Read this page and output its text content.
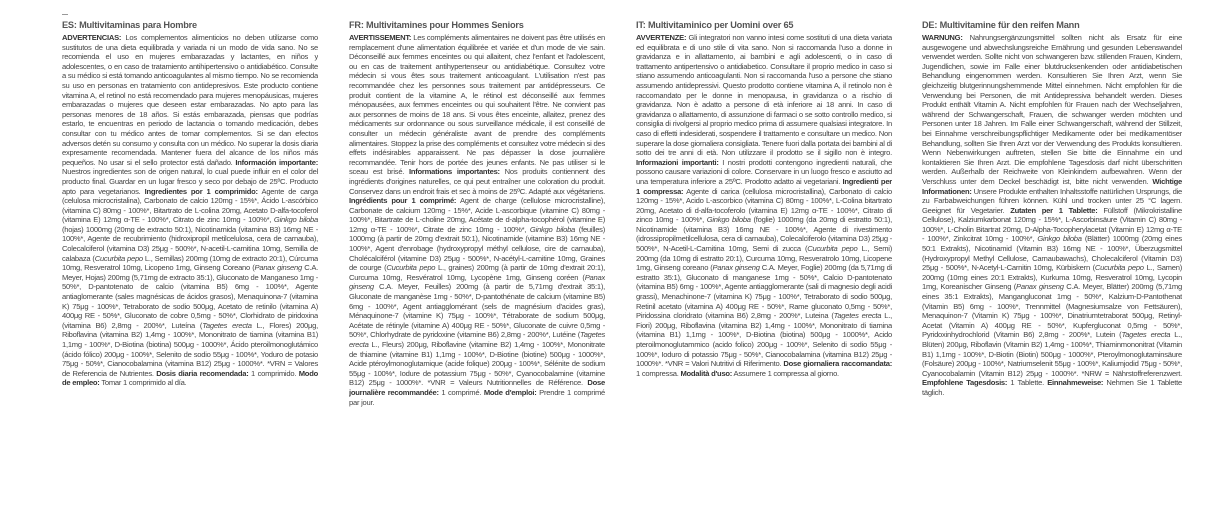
ES: Multivitaminas para Hombre

ADVERTENCIAS: Los complementos alimenticios no deben utilizarse como sustitutos de una dieta equilibrada y variada ni un modo de vida sano. No se recomienda el uso en mujeres embarazadas y lactantes, en niños y adolescentes, o en caso de tratamiento antihipertensivo o antidiabético. Consulte a su médico si está tomando anticoagulantes al mismo tiempo. No se recomienda su uso en personas en tratamiento con antidepresivos. Este producto contiene vitamina A, el retinol no está recomendado para mujeres menopáusicas, mujeres embarazadas o mujeres que deseen estar embarazadas. No apto para las personas menores de 18 años. Si estás embarazada, piensas que podrías estarlo, te encuentras en periodo de lactancia o tomando medicación, debes consultar con tu médico antes de tomar complementos. Si se dan efectos adversos detén su consumo y consulta con un médico. No superar la dosis diaria expresamente recomendada. Mantener fuera del alcance de los niños más pequeños. No usar si el sello protector está dañado. Información importante: Nuestros ingredientes son de origen natural, lo cual puede influir en el color del producto final. Guardar en un lugar fresco y seco por debajo de 25ºC. Producto apto para vegetarianos. Ingredientes por 1 comprimido: Agente de carga (celulosa microcristalina), Carbonato de calcio 120mg - 15%*, Ácido L-ascórbico (vitamina C) 80mg - 100%*, Bitartrato de L-colina 20mg, Acetato D-alfa-tocoferol (vitamina E) 12mg α-TE - 100%*, Citrato de zinc 10mg - 100%*, Ginkgo biloba (hojas) 1000mg (20mg de extracto 50:1), Nicotinamida (vitamina B3) 16mg NE - 100%*, Agente de recubrimiento (hidroxipropil metilcelulosa, cera de carnauba), Colecalciferol (vitamina D3) 25μg - 500%*, N-acetil-L-carnitina 10mg, Semilla de calabaza (Cucurbita pepo L., Semillas) 200mg (10mg de extracto 20:1), Cúrcuma 10mg, Resveratrol 10mg, Licopeno 1mg, Ginseng Coreano (Panax ginseng C.A. Meyer, Hojas) 200mg (5,71mg de extracto 35:1), Gluconato de Manganeso 1mg - 50%*, D-pantotenato de calcio (vitamina B5) 6mg - 100%*, Agente antiaglomerante (sales magnésicas de ácidos grasos), Menaquinona-7 (vitamina K) 75μg - 100%*, Tetraborato de sodio 500μg, Acetato de retinilo (vitamina A) 400μg RE - 50%*, Gluconato de cobre 0,5mg - 50%*, Clorhidrato de piridoxina (vitamina B6) 2,8mg - 200%*, Luteína (Tagetes erecta L., Flores) 200μg, Riboflavina (vitamina B2) 1,4mg - 100%*, Mononitrato de tiamina (vitamina B1) 1,1mg - 100%*, D-Biotina (biotina) 500μg - 1000%*, Ácido pteroilmonoglutámico (ácido fólico) 200μg - 100%*, Selenito de sodio 55μg - 100%*, Yoduro de potasio 75μg - 50%*, Cianocobalamina (vitamina B12) 25μg - 1000%*. *VRN = Valores de Referencia de Nutrientes. Dosis diaria recomendada: 1 comprimido. Modo de empleo: Tomar 1 comprimido al día.

FR: Multivitamines pour Hommes Seniors

AVERTISSEMENT: Les compléments alimentaires ne doivent pas être utilisés en remplacement d'une alimentation équilibrée et variée et d'un mode de vie sain. Déconseillé aux femmes enceintes ou qui allaitent, chez l'enfant et l'adolescent, ou en cas de traitement antihypertenseur ou antidiabétique. Consultez votre médecin si vous êtes sous traitement anticoagulant. L'utilisation n'est pas recommandée chez les personnes sous traitement par antidépresseurs. Ce produit contient de la vitamine A, le rétinol est déconseillé aux femmes ménopausées, aux femmes enceintes ou qui souhaitent l'être. Ne convient pas aux personnes de moins de 18 ans. Si vous êtes enceinte, allaitez, prenez des médicaments sur ordonnance ou sous surveillance médicale, il est conseillé de consulter un médecin généraliste avant de prendre des compléments alimentaires. Stoppez la prise des compléments et consultez votre médecin si des effets indésirables apparaissent. Ne pas dépasser la dose journalière recommandée. Tenir hors de portée des jeunes enfants. Ne pas utiliser si le sceau est brisé. Informations importantes: Nos produits contiennent des ingrédients d'origines naturelles, ce qui peut entraîner une coloration du produit. Conservez dans un endroit frais et sec à moins de 25ºC. Adapté aux végétariens. Ingrédients pour 1 comprimé: Agent de charge (cellulose microcristalline), Carbonate de calcium 120mg - 15%*, Acide L-ascorbique (vitamine C) 80mg - 100%*, Bitartrate de L-choline 20mg, Acétate de d-alpha-tocophérol (vitamine E) 12mg α-TE - 100%*, Citrate de zinc 10mg - 100%*, Ginkgo biloba (feuilles) 1000mg (à partir de 20mg d'extrait 50:1), Nicotinamide (vitamine B3) 16mg NE - 100%*, Agent d'enrobage (hydroxypropyl méthyl cellulose, cire de carnauba), Cholécalciférol (vitamine D3) 25μg - 500%*, N-acétyl-L-carnitine 10mg, Graines de courge (Cucurbita pepo L., graines) 200mg (à partir de 10mg d'extrait 20:1), Curcuma 10mg, Resvératrol 10mg, Lycopène 1mg, Ginseng coréen (Panax ginseng C.A. Meyer, Feuilles) 200mg (à partir de 5,71mg d'extrait 35:1), Gluconate de manganèse 1mg - 50%*, D-pantothénate de calcium (vitamine B5) 6mg - 100%*, Agent antiagglomérant (sels de magnésium d'acides gras), Ménaquinone-7 (vitamine K) 75μg - 100%*, Tétraborate de sodium 500μg, Acétate de rétinyle (vitamine A) 400μg RE - 50%*, Gluconate de cuivre 0,5mg - 50%*, Chlorhydrate de pyridoxine (vitamine B6) 2,8mg - 200%*, Lutéine (Tagetes erecta L., Fleurs) 200μg, Riboflavine (vitamine B2) 1,4mg - 100%*, Mononitrate de thiamine (vitamine B1) 1,1mg - 100%*, D-Biotine (biotine) 500μg - 1000%*, Acide ptéroylmonoglutamique (acide folique) 200μg - 100%*, Sélénite de sodium 55μg - 100%*, Iodure de potassium 75μg - 50%*, Cyanocobalamine (vitamine B12) 25μg - 1000%*. *VNR = Valeurs Nutritionnelles de Référence. Dose journalière recommandée: 1 comprimé. Mode d'emploi: Prendre 1 comprimé par jour.

IT: Multivitaminico per Uomini over 65

AVVERTENZE: Gli integratori non vanno intesi come sostituti di una dieta variata ed equilibrata e di uno stile di vita sano. Non si raccomanda l'uso a donne in gravidanza e in allattamento, ai bambini e agli adolescenti, o in caso di trattamento antipertensivo o antidiabetico. Consultare il proprio medico in caso si stiano assumendo anticoagulanti. Non si raccomanda l'uso a persone che stiano assumendo antidepressivi. Questo prodotto contiene vitamina A, il retinolo non è raccomandato per le donne in menopausa, in gravidanza o a rischio di gravidanza. Non è adatto a persone di età inferiore ai 18 anni. In caso di gravidanza o allattamento, di assunzione di farmaci o se sotto controllo medico, si consiglia di rivolgersi al proprio medico prima di assumere qualsiasi integratore. In caso di effetti indesiderati, sospendere il trattamento e consultare un medico. Non superare la dose giornaliera consigliata. Tenere fuori dalla portata dei bambini al di sotto dei tre anni di età. Non utilizzare il prodotto se il sigillo non è integro. Informazioni importanti: I nostri prodotti contengono ingredienti naturali, che possono causare variazioni di colore. Conservare in un luogo fresco e asciutto ad una temperatura inferiore a 25ºC. Prodotto adatto ai vegetariani. Ingredienti per 1 compressa: Agente di carica (cellulosa microcristallina), Carbonato di calcio 120mg - 15%*, Acido L-ascorbico (vitamina C) 80mg - 100%*, L-Colina bitartrato 20mg, Acetato di d-alfa-tocoferolo (vitamina E) 12mg α-TE - 100%*, Citrato di zinco 10mg - 100%*, Ginkgo biloba (foglie) 1000mg (da 20mg di estratto 50:1), Nicotinamide (vitamina B3) 16mg NE - 100%*, Agente di rivestimento (idrossipropilmetilcellulosa, cera di carnauba), Colecalciferolo (vitamina D3) 25μg - 500%*, N-Acetil-L-Carnitina 10mg, Semi di zucca (Cucurbita pepo L., Semi) 200mg (da 10mg di estratto 20:1), Curcuma 10mg, Resveratrolo 10mg, Licopene 1mg, Ginseng coreano (Panax ginseng C.A. Meyer, Foglie) 200mg (da 5,71mg di estratto 35:1), Gluconato di manganese 1mg - 50%*, Calcio D-pantotenato (vitamina B5) 6mg - 100%*, Agente antiagglomerante (sali di magnesio degli acidi grassi), Menachinone-7 (vitamina K) 75μg - 100%*, Tetraborato di sodio 500μg, Retinil acetato (vitamina A) 400μg RE - 50%*, Rame gluconato 0,5mg - 50%*, Piridossina cloridrato (vitamina B6) 2,8mg - 200%*, Luteina (Tagetes erecta L., Fiori) 200μg, Riboflavina (vitamina B2) 1,4mg - 100%*, Mononitrato di tiamina (vitamina B1) 1,1mg - 100%*, D-Biotina (biotina) 500μg - 1000%*, Acido pteroilmonoglutammico (acido folico) 200μg - 100%*, Selenito di sodio 55μg - 100%*, Ioduro di potassio 75μg - 50%*, Cianocobalamina (vitamina B12) 25μg - 1000%*. *VNR = Valori Nutritivi di Riferimento. Dose giornaliera raccomandata: 1 compressa. Modalità d'uso: Assumere 1 compressa al giorno.

DE: Multivitamine für den reifen Mann

WARNUNG: Nahrungsergänzungsmittel sollten nicht als Ersatz für eine ausgewogene und abwechslungsreiche Ernährung und gesunden Lebenswandel verwendet werden. Sollte nicht von schwangeren bzw. stillenden Frauen, Kindern, Jugendlichen, sowie im Falle einer blutdrucksenkenden oder antidiabetischen Behandlung eingenommen werden. Konsultieren Sie Ihren Arzt, wenn Sie gleichzeitig blutgerinnungshemmende Mittel einnehmen. Nicht empfohlen für die Verwendung bei Personen, die mit Antidepressiva behandelt werden. Dieses Produkt enthält Vitamin A. Nicht empfohlen für Frauen nach der Wechseljahren, während der Schwangerschaft, Frauen, die schwanger werden möchten und Personen unter 18 Jahren. Im Falle einer Schwangerschaft, während der Stillzeit, bei Einnahme verschreibungspflichtiger Medikamente oder bei medikamentöser Behandlung, sollten Sie Ihren Arzt vor der Verwendung des Produkts konsultieren. Wenn Nebenwirkungen auftreten, stellen Sie bitte die Einnahme ein und kontaktieren Sie Ihren Arzt. Die empfohlene Tagesdosis darf nicht überschritten werden. Außerhalb der Reichweite von Kleinkindern aufbewahren. Wenn der Verschluss unter dem Deckel beschädigt ist, bitte nicht verwenden. Wichtige Informationen: Unsere Produkte enthalten Inhaltsstoffe natürlichen Ursprungs, die zu Farbabweichungen führen können. Kühl und trocken unter 25 °C lagern. Geeignet für Vegetarier. Zutaten per 1 Tablette: Füllstoff (Mikrokristalline Cellulose), Kalziumkarbonat 120mg - 15%*, L-Ascorbinsäure (Vitamin C) 80mg - 100%*, L-Cholin Bitartrat 20mg, D-Alpha-Tocopherylacetat (Vitamin E) 12mg α-TE - 100%*, Zinkcitrat 10mg - 100%*, Ginkgo biloba (Blätter) 1000mg (20mg eines 50:1 Extrakts), Nicotinamid (Vitamin B3) 16mg NE - 100%*, Überzugsmittel (Hydroxypropyl Methyl Cellulose, Carnaubawachs), Cholecalciferol (Vitamin D3) 25μg - 500%*, N-Acetyl-L-Carnitin 10mg, Kürbiskern (Cucurbita pepo L., Samen) 200mg (10mg eines 20:1 Extrakts), Kurkuma 10mg, Resveratrol 10mg, Lycopin 1mg, Koreanischer Ginseng (Panax ginseng C.A. Meyer, Blätter) 200mg (5,71mg eines 35:1 Extrakts), Mangangluconat 1mg - 50%*, Kalzium-D-Pantothenat (Vitamin B5) 6mg - 100%*, Trennmittel (Magnesiumsalze von Fettsäuren), Menaquinon-7 (Vitamin K) 75μg - 100%*, Dinatriumtetraborat 500μg, Retinyl-Acetat (Vitamin A) 400μg RE - 50%*, Kupfergluconat 0,5mg - 50%*, Pyridoxinhydrochlorid (Vitamin B6) 2,8mg - 200%*, Lutein (Tagetes erecta L., Blüten) 200μg, Riboflavin (Vitamin B2) 1,4mg - 100%*, Thiaminmononitrat (Vitamin B1) 1,1mg - 100%*, D-Biotin (Biotin) 500μg - 1000%*, Pteroylmonoglutaminsäure (Folsäure) 200μg - 100%*, Natriumselenit 55μg - 100%*, Kaliumjodid 75μg - 50%*, Cyanocobalamin (Vitamin B12) 25μg - 1000%*. *NRW = Nährstoffreferenzwert. Empfohlene Tagesdosis: 1 Tablette. Einnahmeweise: Nehmen Sie 1 Tablette täglich.
